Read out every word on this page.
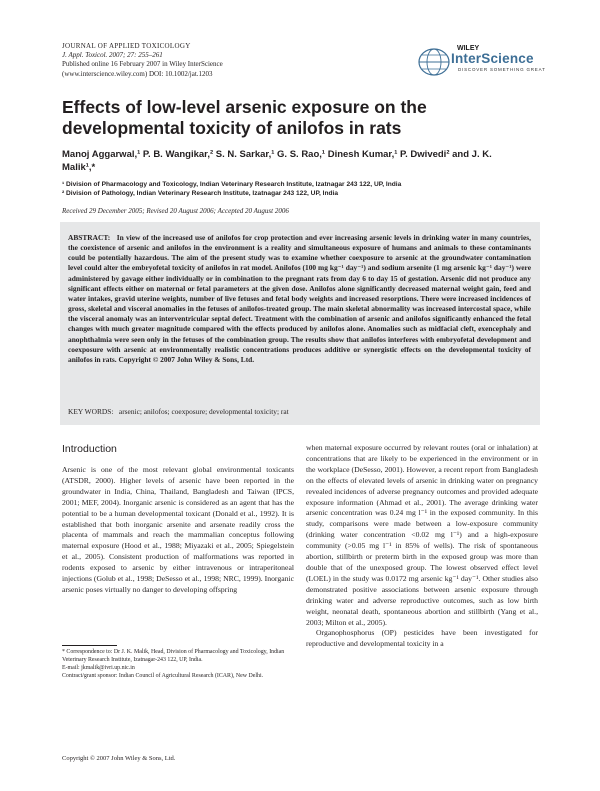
JOURNAL OF APPLIED TOXICOLOGY
J. Appl. Toxicol. 2007; 27: 255–261
Published online 16 February 2007 in Wiley InterScience
(www.interscience.wiley.com) DOI: 10.1002/jat.1203
WILEY
InterScience
DISCOVER SOMETHING GREAT
Effects of low-level arsenic exposure on the developmental toxicity of anilofos in rats
Manoj Aggarwal,¹ P. B. Wangikar,² S. N. Sarkar,¹ G. S. Rao,¹ Dinesh Kumar,¹ P. Dwivedi² and J. K. Malik¹,*
¹ Division of Pharmacology and Toxicology, Indian Veterinary Research Institute, Izatnagar 243 122, UP, India
² Division of Pathology, Indian Veterinary Research Institute, Izatnagar 243 122, UP, India
Received 29 December 2005; Revised 20 August 2006; Accepted 20 August 2006

ABSTRACT: In view of the increased use of anilofos for crop protection and ever increasing arsenic levels in drinking water in many countries, the coexistence of arsenic and anilofos in the environment is a reality and simultaneous exposure of humans and animals to these contaminants could be potentially hazardous. The aim of the present study was to examine whether coexposure to arsenic at the groundwater contamination level could alter the embryofetal toxicity of anilofos in rat model. Anilofos (100 mg kg⁻¹ day⁻¹) and sodium arsenite (1 mg arsenic kg⁻¹ day⁻¹) were administered by gavage either individually or in combination to the pregnant rats from day 6 to day 15 of gestation. Arsenic did not produce any significant effects either on maternal or fetal parameters at the given dose. Anilofos alone significantly decreased maternal weight gain, feed and water intakes, gravid uterine weights, number of live fetuses and fetal body weights and increased resorptions. There were increased incidences of gross, skeletal and visceral anomalies in the fetuses of anilofos-treated group. The main skeletal abnormality was increased intercostal space, while the visceral anomaly was an interventricular septal defect. Treatment with the combination of arsenic and anilofos significantly enhanced the fetal changes with much greater magnitude compared with the effects produced by anilofos alone. Anomalies such as midfacial cleft, exencephaly and anophthalmia were seen only in the fetuses of the combination group. The results show that anilofos interferes with embryofetal development and coexposure with arsenic at environmentally realistic concentrations produces additive or synergistic effects on the developmental toxicity of anilofos in rats. Copyright © 2007 John Wiley & Sons, Ltd.

KEY WORDS: arsenic; anilofos; coexposure; developmental toxicity; rat

Introduction

Arsenic is one of the most relevant global environmental toxicants (ATSDR, 2000). Higher levels of arsenic have been reported in the groundwater in India, China, Thailand, Bangladesh and Taiwan (IPCS, 2001; MEF, 2004). Inorganic arsenic is considered as an agent that has the potential to be a human developmental toxicant (Donald et al., 1992). It is established that both inorganic arsenite and arsenate readily cross the placenta of mammals and reach the mammalian conceptus following maternal exposure (Hood et al., 1988; Miyazaki et al., 2005; Spiegelstein et al., 2005). Consistent production of malformations was reported in rodents exposed to arsenic by either intravenous or intraperitoneal injections (Golub et al., 1998; DeSesso et al., 1998; NRC, 1999). Inorganic arsenic poses virtually no danger to developing offspring

* Correspondence to: Dr J. K. Malik, Head, Division of Pharmacology and Toxicology, Indian Veterinary Research Institute, Izatnagar-243 122, UP, India.

E-mail: jkmalik@ivri.up.nic.in

Contract/grant sponsor: Indian Council of Agricultural Research (ICAR), New Delhi.

when maternal exposure occurred by relevant routes (oral or inhalation) at concentrations that are likely to be experienced in the environment or in the workplace (DeSesso, 2001). However, a recent report from Bangladesh on the effects of elevated levels of arsenic in drinking water on pregnancy revealed incidences of adverse pregnancy outcomes and provided adequate exposure information (Ahmad et al., 2001). The average drinking water arsenic concentration was 0.24 mg l⁻¹ in the exposed community. In this study, comparisons were made between a low-exposure community (drinking water concentration <0.02 mg l⁻¹) and a high-exposure community (>0.05 mg l⁻¹ in 85% of wells). The risk of spontaneous abortion, stillbirth or preterm birth in the exposed group was more than double that of the unexposed group. The lowest observed effect level (LOEL) in the study was 0.0172 mg arsenic kg⁻¹ day⁻¹. Other studies also demonstrated positive associations between arsenic exposure through drinking water and adverse reproductive outcomes, such as low birth weight, neonatal death, spontaneous abortion and stillbirth (Yang et al., 2003; Milton et al., 2005).

Organophosphorus (OP) pesticides have been investigated for reproductive and developmental toxicity in a

Copyright © 2007 John Wiley & Sons, Ltd.
